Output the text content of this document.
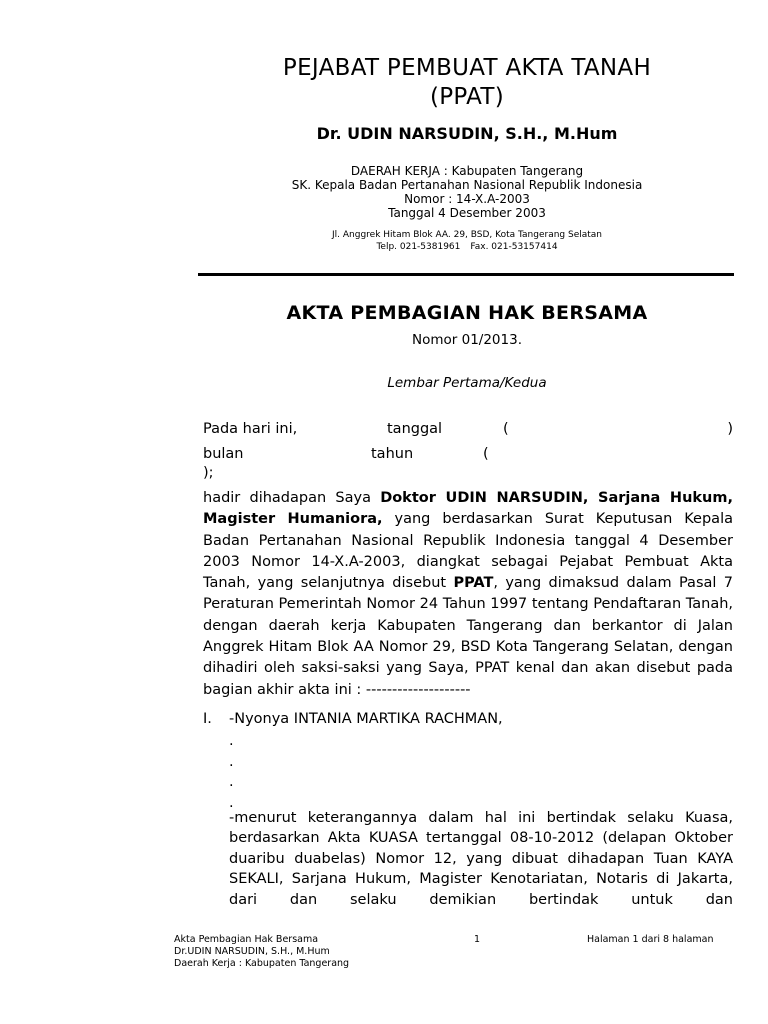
PEJABAT PEMBUAT AKTA TANAH
(PPAT)
Dr. UDIN NARSUDIN, S.H., M.Hum
DAERAH KERJA : Kabupaten Tangerang
SK. Kepala Badan Pertanahan Nasional Republik Indonesia
Nomor : 14-X.A-2003
Tanggal 4 Desember 2003
Jl. Anggrek Hitam Blok AA. 29, BSD, Kota Tangerang Selatan
Telp. 021-5381961 Fax. 021-53157414
AKTA PEMBAGIAN HAK BERSAMA
Nomor 01/2013.
Lembar Pertama/Kedua
Pada hari ini,	tanggal	(	)
bulan	tahun	(
);
hadir dihadapan Saya Doktor UDIN NARSUDIN, Sarjana Hukum, Magister Humaniora, yang berdasarkan Surat Keputusan Kepala Badan Pertanahan Nasional Republik Indonesia tanggal 4 Desember 2003 Nomor 14-X.A-2003, diangkat sebagai Pejabat Pembuat Akta Tanah, yang selanjutnya disebut PPAT, yang dimaksud dalam Pasal 7 Peraturan Pemerintah Nomor 24 Tahun 1997 tentang Pendaftaran Tanah, dengan daerah kerja Kabupaten Tangerang dan berkantor di Jalan Anggrek Hitam Blok AA Nomor 29, BSD Kota Tangerang Selatan, dengan dihadiri oleh saksi-saksi yang Saya, PPAT kenal dan akan disebut pada bagian akhir akta ini : --------------------
I. -Nyonya INTANIA MARTIKA RACHMAN,
.
.
.
.
-menurut keterangannya dalam hal ini bertindak selaku Kuasa, berdasarkan Akta KUASA tertanggal 08-10-2012 (delapan Oktober duaribu duabelas) Nomor 12, yang dibuat dihadapan Tuan KAYA SEKALI, Sarjana Hukum, Magister Kenotariatan, Notaris di Jakarta, dari dan selaku demikian bertindak untuk dan
Akta Pembagian Hak Bersama
Dr.UDIN NARSUDIN, S.H., M.Hum
Daerah Kerja : Kabupaten Tangerang
1	Halaman 1 dari 8 halaman
